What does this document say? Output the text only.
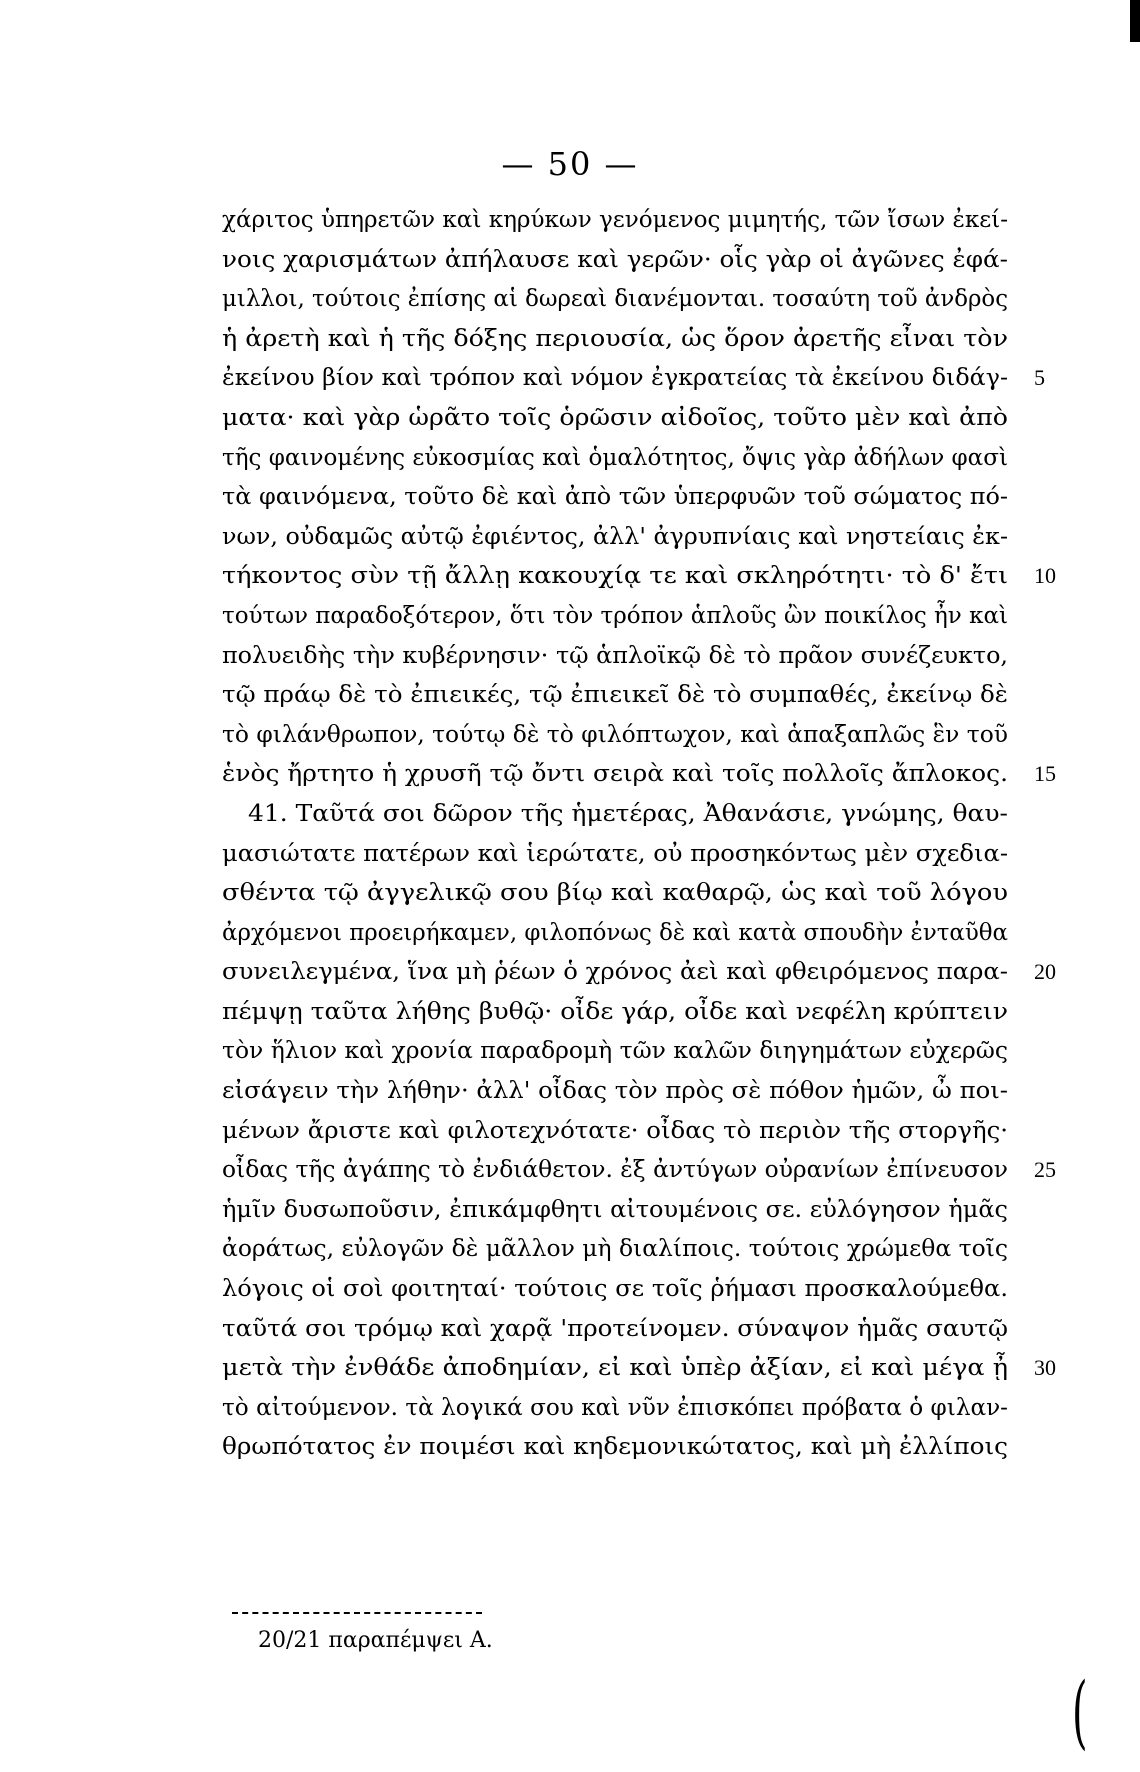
— 50 —
χάριτος ὑπηρετῶν καὶ κηρύκων γενόμενος μιμητής, τῶν ἴσων ἐκεί-
νοις χαρισμάτων ἀπήλαυσε καὶ γερῶν· οἷς γὰρ οἱ ἀγῶνες ἐφά-
μιλλοι, τούτοις ἐπίσης αἱ δωρεαὶ διανέμονται. τοσαύτη τοῦ ἀνδρὸς
ἡ ἀρετὴ καὶ ἡ τῆς δόξης περιουσία, ὡς ὅρον ἀρετῆς εἶναι τὸν
ἐκείνου βίον καὶ τρόπον καὶ νόμον ἐγκρατείας τὰ ἐκείνου διδάγ- 5
ματα· καὶ γὰρ ὡρᾶτο τοῖς ὁρῶσιν αἰδοῖος, τοῦτο μὲν καὶ ἀπὸ
τῆς φαινομένης εὐκοσμίας καὶ ὁμαλότητος, ὄψις γὰρ ἀδήλων φασὶ
τὰ φαινόμενα, τοῦτο δὲ καὶ ἀπὸ τῶν ὑπερφυῶν τοῦ σώματος πό-
νων, οὐδαμῶς αὐτῷ ἐφιέντος, ἀλλ' ἀγρυπνίαις καὶ νηστείαις ἐκ-
τήκοντος σὺν τῇ ἄλλῃ κακουχίᾳ τε καὶ σκληρότητι· τὸ δ' ἔτι 10
τούτων παραδοξότερον, ὅτι τὸν τρόπον ἁπλοῦς ὢν ποικίλος ἦν καὶ
πολυειδὴς τὴν κυβέρνησιν· τῷ ἁπλοϊκῷ δὲ τὸ πρᾶον συνέζευκτο,
τῷ πράῳ δὲ τὸ ἐπιεικές, τῷ ἐπιεικεῖ δὲ τὸ συμπαθές, ἐκείνῳ δὲ
τὸ φιλάνθρωπον, τούτῳ δὲ τὸ φιλόπτωχον, καὶ ἁπαξαπλῶς ἓν τοῦ
ἑνὸς ἤρτητο ἡ χρυσῆ τῷ ὄντι σειρὰ καὶ τοῖς πολλοῖς ἄπλοκος. 15
41. Ταῦτά σοι δῶρον τῆς ἡμετέρας, Ἀθανάσιε, γνώμης, θαυ-
μασιώτατε πατέρων καὶ ἱερώτατε, οὐ προσηκόντως μὲν σχεδια-
σθέντα τῷ ἀγγελικῷ σου βίῳ καὶ καθαρῷ, ὡς καὶ τοῦ λόγου
ἀρχόμενοι προειρήκαμεν, φιλοπόνως δὲ καὶ κατὰ σπουδὴν ἐνταῦθα
συνειλεγμένα, ἵνα μὴ ῥέων ὁ χρόνος ἀεὶ καὶ φθειρόμενος παρα- 20
πέμψῃ ταῦτα λήθης βυθῷ· οἶδε γάρ, οἶδε καὶ νεφέλη κρύπτειν
τὸν ἥλιον καὶ χρονία παραδρομὴ τῶν καλῶν διηγημάτων εὐχερῶς
εἰσάγειν τὴν λήθην· ἀλλ' οἶδας τὸν πρὸς σὲ πόθον ἡμῶν, ὦ ποι-
μένων ἄριστε καὶ φιλοτεχνότατε· οἶδας τὸ περιὸν τῆς στοργῆς·
οἶδας τῆς ἀγάπης τὸ ἐνδιάθετον. ἐξ ἀντύγων οὐρανίων ἐπίνευσον 25
ἡμῖν δυσωποῦσιν, ἐπικάμφθητι αἰτουμένοις σε. εὐλόγησον ἡμᾶς
ἀοράτως, εὐλογῶν δὲ μᾶλλον μὴ διαλίποις. τούτοις χρώμεθα τοῖς
λόγοις οἱ σοὶ φοιτηταί· τούτοις σε τοῖς ῥήμασι προσκαλούμεθα.
ταῦτά σοι τρόμῳ καὶ χαρᾷ 'προτείνομεν. σύναψον ἡμᾶς σαυτῷ
μετὰ τὴν ἐνθάδε ἀποδημίαν, εἰ καὶ ὑπὲρ ἀξίαν, εἰ καὶ μέγα ᾖ 30
τὸ αἰτούμενον. τὰ λογικά σου καὶ νῦν ἐπισκόπει πρόβατα ὁ φιλαν-
θρωπότατος ἐν ποιμέσι καὶ κηδεμονικώτατος, καὶ μὴ ἐλλίποις
20/21 παραπέμψει A.
(
